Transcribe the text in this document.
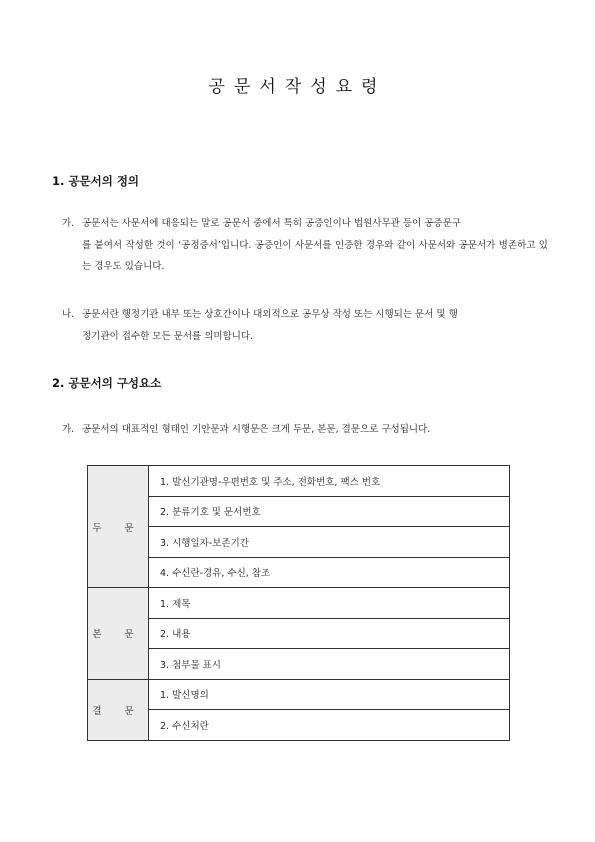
공문서작성요령
1. 공문서의 정의
가. 공문서는 사문서에 대응되는 말로 공문서 중에서 특히 공증인이나 법원사무관 등이 공증문구
를 붙여서 작성한 것이 ‘공정증서’입니다. 공증인이 사문서를 인증한 경우와 같이 사문서와 공문서가 병존하고 있는 경우도 있습니다.
나. 공문서란 행정기관 내부 또는 상호간이나 대외적으로 공무상 작성 또는 시행되는 문서 및 행
정기관이 접수한 모든 문서를 의미합니다.
2. 공문서의 구성요소
가. 공문서의 대표적인 형태인 기안문과 시행문은 크게 두문, 본문, 결문으로 구성됩니다.
두 문	1. 발신기관명-우편번호 및 주소, 전화번호, 팩스 번호
	2. 분류기호 및 문서번호
	3. 시행일자-보존기간
	4. 수신란-경유, 수신, 참조
본 문	1. 제목
	2. 내용
	3. 첨부물 표시
결 문	1. 발신명의
	2. 수신처란
